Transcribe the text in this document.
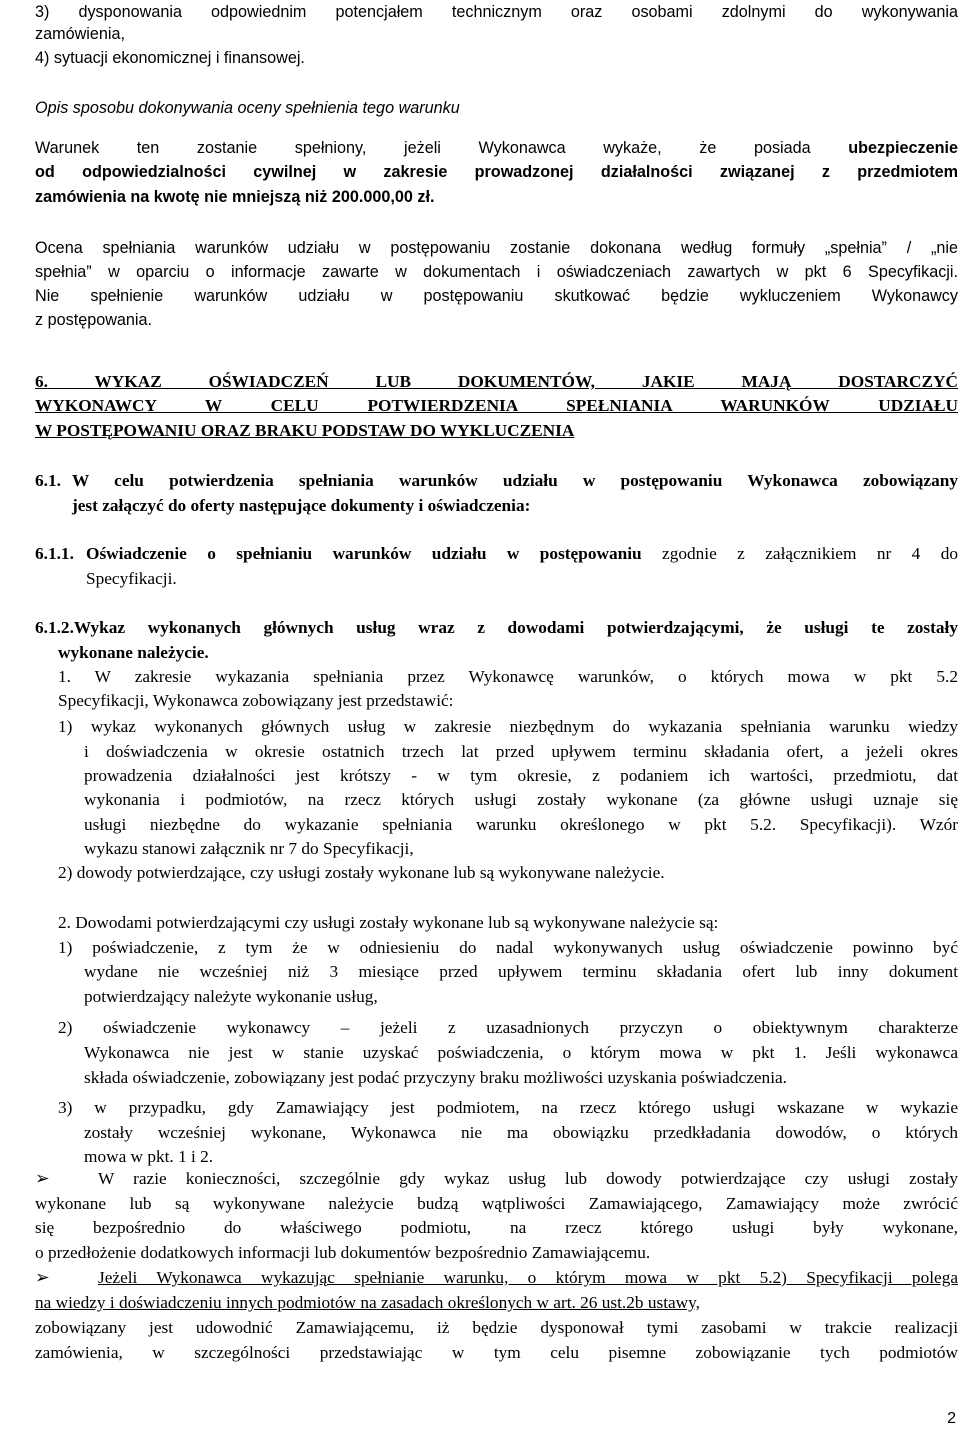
3) dysponowania odpowiednim potencjałem technicznym oraz osobami zdolnymi do wykonywania
zamówienia,
4) sytuacji ekonomicznej i finansowej.
Opis sposobu dokonywania oceny spełnienia tego warunku
Warunek ten zostanie spełniony, jeżeli Wykonawca wykaże, że posiada ubezpieczenie
od odpowiedzialności cywilnej w zakresie prowadzonej działalności związanej z przedmiotem
zamówienia na kwotę nie mniejszą niż 200.000,00 zł.
Ocena spełniania warunków udziału w postępowaniu zostanie dokonana według formuły „spełnia” / „nie
spełnia” w oparciu o informacje zawarte w dokumentach i oświadczeniach zawartych w pkt 6 Specyfikacji.
Nie spełnienie warunków udziału w postępowaniu skutkować będzie wykluczeniem Wykonawcy
z postępowania.
6.	WYKAZ OŚWIADCZEŃ LUB DOKUMENTÓW, JAKIE MAJĄ DOSTARCZYĆ
WYKONAWCY W CELU POTWIERDZENIA SPEŁNIANIA WARUNKÓW UDZIAŁU
W POSTĘPOWANIU ORAZ BRAKU PODSTAW DO WYKLUCZENIA
6.1. W celu potwierdzenia spełniania warunków udziału w postępowaniu Wykonawca zobowiązany
jest załączyć do oferty następujące dokumenty i oświadczenia:
6.1.1. Oświadczenie o spełnianiu warunków udziału w postępowaniu zgodnie z załącznikiem nr 4 do
Specyfikacji.
6.1.2.Wykaz wykonanych głównych usług wraz z dowodami potwierdzającymi, że usługi te zostały
wykonane należycie.
1. W zakresie wykazania spełniania przez Wykonawcę warunków, o których mowa w pkt 5.2
Specyfikacji, Wykonawca zobowiązany jest przedstawić:
1) wykaz wykonanych głównych usług w zakresie niezbędnym do wykazania spełniania warunku wiedzy
i doświadczenia w okresie ostatnich trzech lat przed upływem terminu składania ofert, a jeżeli okres
prowadzenia działalności jest krótszy - w tym okresie, z podaniem ich wartości, przedmiotu, dat
wykonania i podmiotów, na rzecz których usługi zostały wykonane (za główne usługi uznaje się
usługi niezbędne do wykazanie spełniania warunku określonego w pkt 5.2. Specyfikacji). Wzór
wykazu stanowi załącznik nr 7 do Specyfikacji,
2) dowody potwierdzające, czy usługi zostały wykonane lub są wykonywane należycie.
2. Dowodami potwierdzającymi czy usługi zostały wykonane lub są wykonywane należycie są:
1) poświadczenie, z tym że w odniesieniu do nadal wykonywanych usług oświadczenie powinno być
wydane nie wcześniej niż 3 miesiące przed upływem terminu składania ofert lub inny dokument
potwierdzający należyte wykonanie usług,
2) oświadczenie wykonawcy – jeżeli z uzasadnionych przyczyn o obiektywnym charakterze
Wykonawca nie jest w stanie uzyskać poświadczenia, o którym mowa w pkt 1. Jeśli wykonawca
składa oświadczenie, zobowiązany jest podać przyczyny braku możliwości uzyskania poświadczenia.
3) w przypadku, gdy Zamawiający jest podmiotem, na rzecz którego usługi wskazane w wykazie
zostały wcześniej wykonane, Wykonawca nie ma obowiązku przedkładania dowodów, o których
mowa w pkt. 1 i 2.
➢	W razie konieczności, szczególnie gdy wykaz usług lub dowody potwierdzające czy usługi zostały
wykonane lub są wykonywane należycie budzą wątpliwości Zamawiającego, Zamawiający może zwrócić
się bezpośrednio do właściwego podmiotu, na rzecz którego usługi były wykonane,
o przedłożenie dodatkowych informacji lub dokumentów bezpośrednio Zamawiającemu.
➢	Jeżeli Wykonawca wykazując spełnianie warunku, o którym mowa w pkt 5.2) Specyfikacji polega
na wiedzy i doświadczeniu innych podmiotów na zasadach określonych w art. 26 ust.2b ustawy,
zobowiązany jest udowodnić Zamawiającemu, iż będzie dysponował tymi zasobami w trakcie realizacji
zamówienia, w szczególności przedstawiając w tym celu pisemne zobowiązanie tych podmiotów
2
